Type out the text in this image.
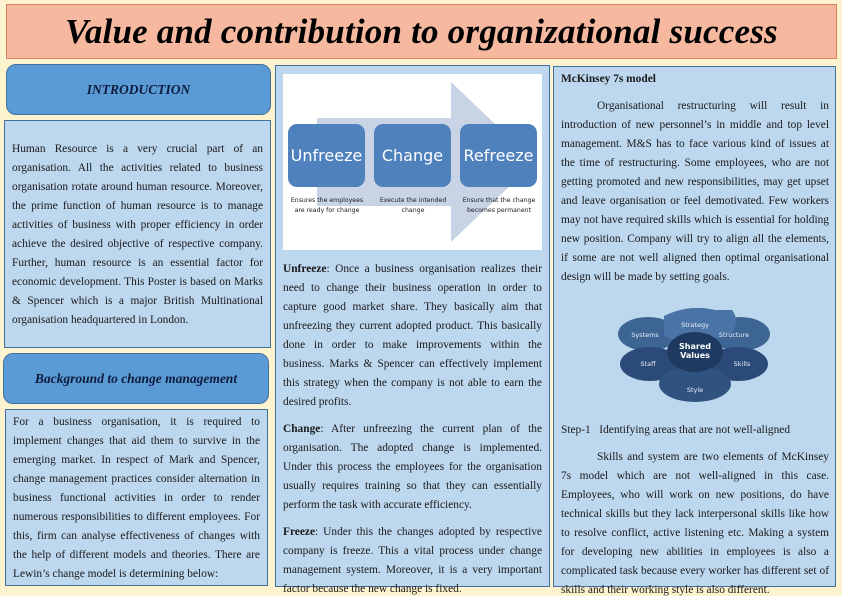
Value and contribution to organizational success
INTRODUCTION

Human Resource is a very crucial part of an organisation. All the activities related to business organisation rotate around human resource. Moreover, the prime function of human resource is to manage activities of business with proper efficiency in order achieve the desired objective of respective company. Further, human resource is an essential factor for economic development. This Poster is based on Marks & Spencer which is a major British Multinational organisation headquartered in London.

Background to change management

For a business organisation, it is required to implement changes that aid them to survive in the emerging market. In respect of Mark and Spencer, change management practices consider alternation in business functional activities in order to render numerous responsibilities to different employees. For this, firm can analyse effectiveness of changes with the help of different models and theories. There are Lewin’s change model is determining below:

Unfreeze Change Refreeze
Ensures the employees are ready for change
Execute the intended change
Ensure that the change becomes permanent

Unfreeze: Once a business organisation realizes their need to change their business operation in order to capture good market share. They basically aim that unfreezing they current adopted product. This basically done in order to make improvements within the business. Marks & Spencer can effectively implement this strategy when the company is not able to earn the desired profits.

Change: After unfreezing the current plan of the organisation. The adopted change is implemented. Under this process the employees for the organisation usually requires training so that they can essentially perform the task with accurate efficiency.

Freeze: Under this the changes adopted by respective company is freeze. This a vital process under change management system. Moreover, it is a very important factor because the new change is fixed.

McKinsey 7s model

Organisational restructuring will result in introduction of new personnel’s in middle and top level management. M&S has to face various kind of issues at the time of restructuring. Some employees, who are not getting promoted and new responsibilities, may get upset and leave organisation or feel demotivated. Few workers may not have required skills which is essential for holding new position. Company will try to align all the elements, if some are not well aligned then optimal organisational design will be made by setting goals.

Strategy
Structure
Systems
Staff	Skills
Style
Shared
Values
Step-1 Identifying areas that are not well-aligned

Skills and system are two elements of McKinsey 7s model which are not well-aligned in this case. Employees, who will work on new positions, do have technical skills but they lack interpersonal skills like how to resolve conflict, active listening etc. Making a system for developing new abilities in employees is also a complicated task because every worker has different set of skills and their working style is also different.
